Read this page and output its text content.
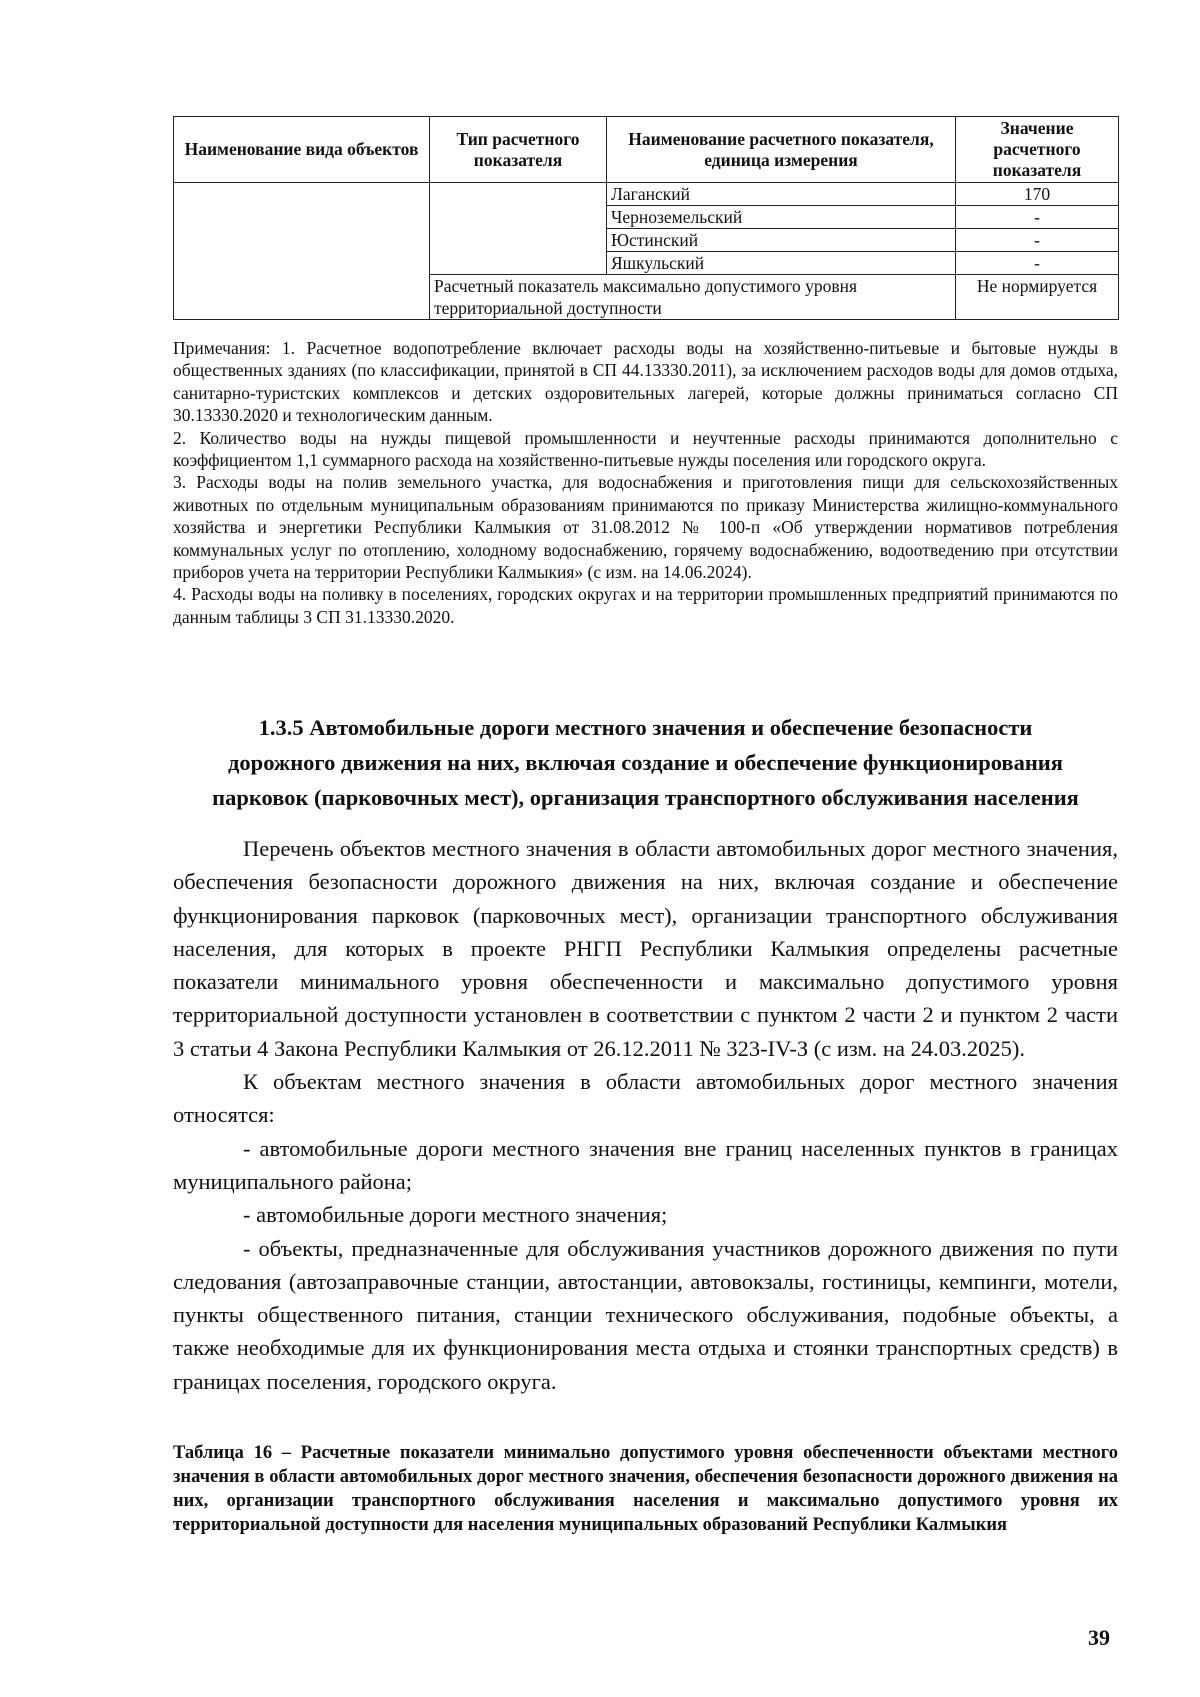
Наименование вида объектов	Тип расчетного показателя	Наименование расчетного показателя, единица измерения	Значение расчетного показателя
		Лаганский	170
		Черноземельский	-
		Юстинский	-
		Яшкульский	-
	Расчетный показатель максимально допустимого уровня территориальной доступности		Не нормируется

Примечания: 1. Расчетное водопотребление включает расходы воды на хозяйственно-питьевые и бытовые нужды в общественных зданиях (по классификации, принятой в СП 44.13330.2011), за исключением расходов воды для домов отдыха, санитарно-туристских комплексов и детских оздоровительных лагерей, которые должны приниматься согласно СП 30.13330.2020 и технологическим данным.

2. Количество воды на нужды пищевой промышленности и неучтенные расходы принимаются дополнительно с коэффициентом 1,1 суммарного расхода на хозяйственно-питьевые нужды поселения или городского округа.

3. Расходы воды на полив земельного участка, для водоснабжения и приготовления пищи для сельскохозяйственных животных по отдельным муниципальным образованиям принимаются по приказу Министерства жилищно-коммунального хозяйства и энергетики Республики Калмыкия от 31.08.2012 № 100-п «Об утверждении нормативов потребления коммунальных услуг по отоплению, холодному водоснабжению, горячему водоснабжению, водоотведению при отсутствии приборов учета на территории Республики Калмыкия» (с изм. на 14.06.2024).

4. Расходы воды на поливку в поселениях, городских округах и на территории промышленных предприятий принимаются по данным таблицы 3 СП 31.13330.2020.

1.3.5 Автомобильные дороги местного значения и обеспечение безопасности

дорожного движения на них, включая создание и обеспечение функционирования

парковок (парковочных мест), организация транспортного обслуживания населения

Перечень объектов местного значения в области автомобильных дорог местного значения, обеспечения безопасности дорожного движения на них, включая создание и обеспечение функционирования парковок (парковочных мест), организации транспортного обслуживания населения, для которых в проекте РНГП Республики Калмыкия определены расчетные показатели минимального уровня обеспеченности и максимально допустимого уровня территориальной доступности установлен в соответствии с пунктом 2 части 2 и пунктом 2 части 3 статьи 4 Закона Республики Калмыкия от 26.12.2011 № 323-IV-З (с изм. на 24.03.2025).

К объектам местного значения в области автомобильных дорог местного значения относятся:

- автомобильные дороги местного значения вне границ населенных пунктов в границах муниципального района;

- автомобильные дороги местного значения;

- объекты, предназначенные для обслуживания участников дорожного движения по пути следования (автозаправочные станции, автостанции, автовокзалы, гостиницы, кемпинги, мотели, пункты общественного питания, станции технического обслуживания, подобные объекты, а также необходимые для их функционирования места отдыха и стоянки транспортных средств) в границах поселения, городского округа.

Таблица 16 – Расчетные показатели минимально допустимого уровня обеспеченности объектами местного значения в области автомобильных дорог местного значения, обеспечения безопасности дорожного движения на них, организации транспортного обслуживания населения и максимально допустимого уровня их территориальной доступности для населения муниципальных образований Республики Калмыкия
39
